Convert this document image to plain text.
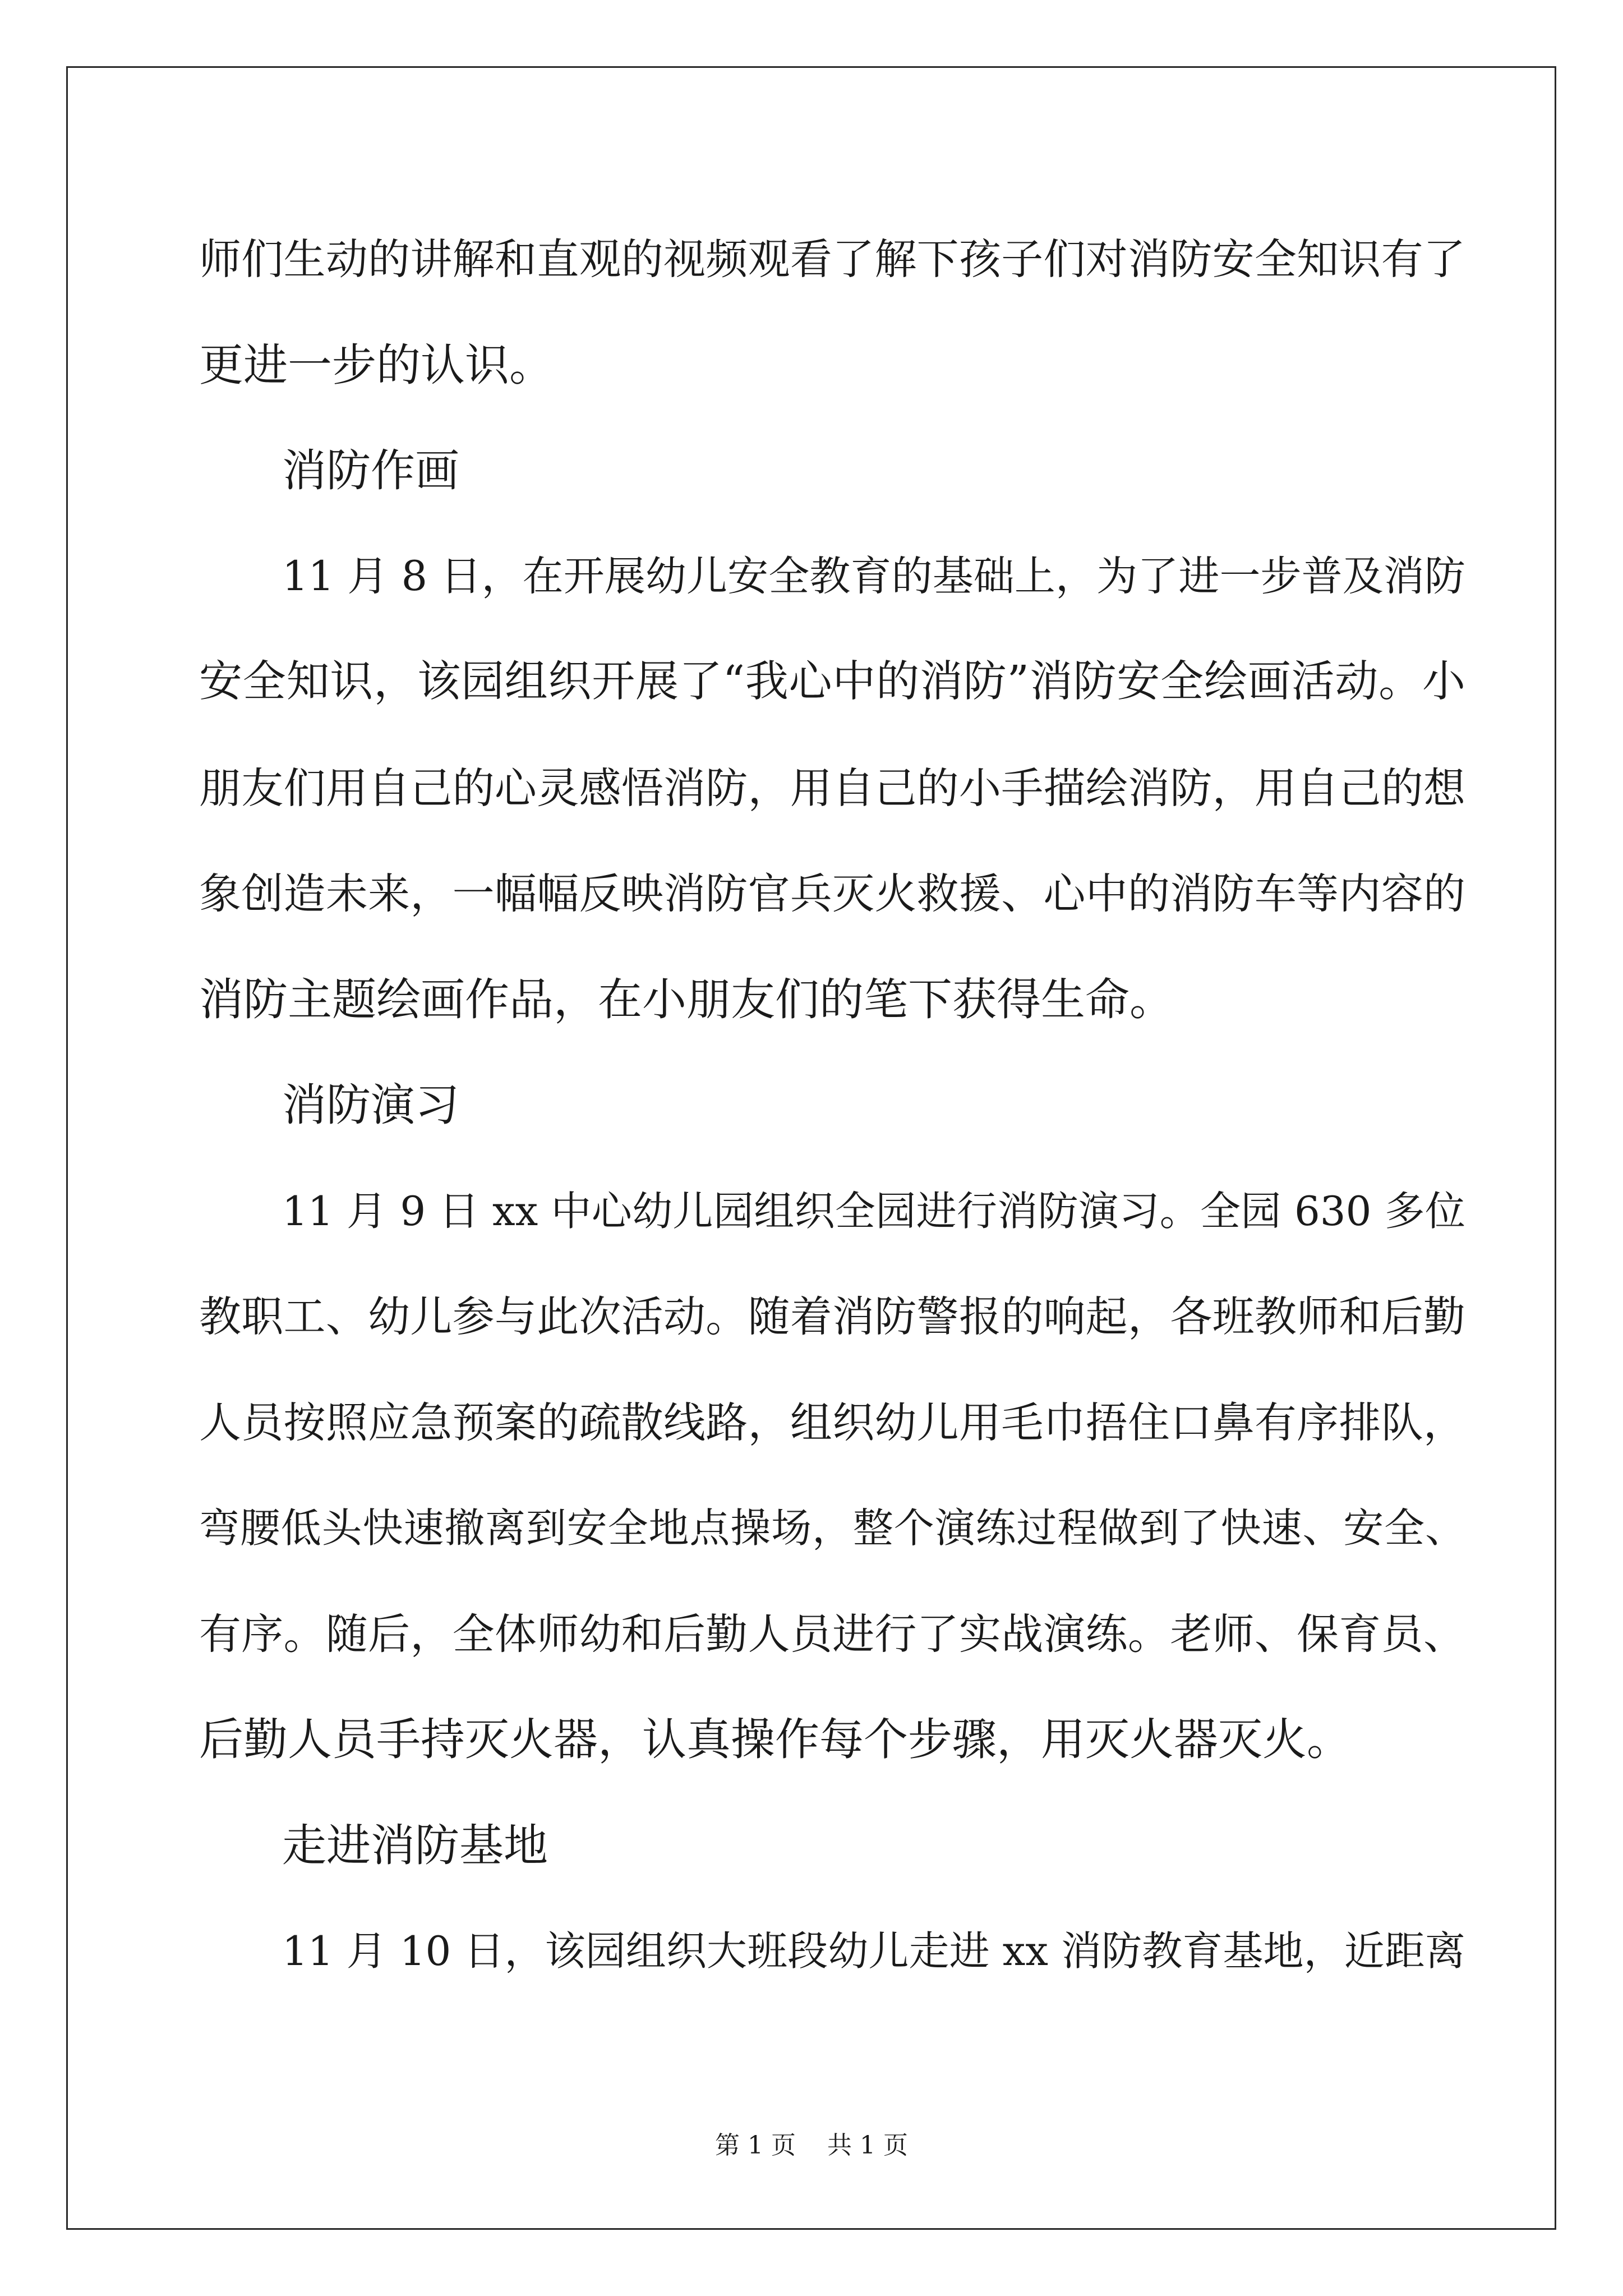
师们生动的讲解和直观的视频观看了解下孩子们对消防安全知识有了
更进一步的认识。
消防作画
11 月 8 日，在开展幼儿安全教育的基础上，为了进一步普及消防
安全知识，该园组织开展了“我心中的消防”消防安全绘画活动。小
朋友们用自己的心灵感悟消防，用自己的小手描绘消防，用自己的想
象创造未来，一幅幅反映消防官兵灭火救援、心中的消防车等内容的
消防主题绘画作品，在小朋友们的笔下获得生命。
消防演习
11 月 9 日 xx 中心幼儿园组织全园进行消防演习。全园 630 多位
教职工、幼儿参与此次活动。随着消防警报的响起，各班教师和后勤
人员按照应急预案的疏散线路，组织幼儿用毛巾捂住口鼻有序排队，
弯腰低头快速撤离到安全地点操场，整个演练过程做到了快速、安全、
有序。随后，全体师幼和后勤人员进行了实战演练。老师、保育员、
后勤人员手持灭火器，认真操作每个步骤，用灭火器灭火。
走进消防基地
11 月 10 日，该园组织大班段幼儿走进 xx 消防教育基地，近距离
第 1 页 共 1 页
